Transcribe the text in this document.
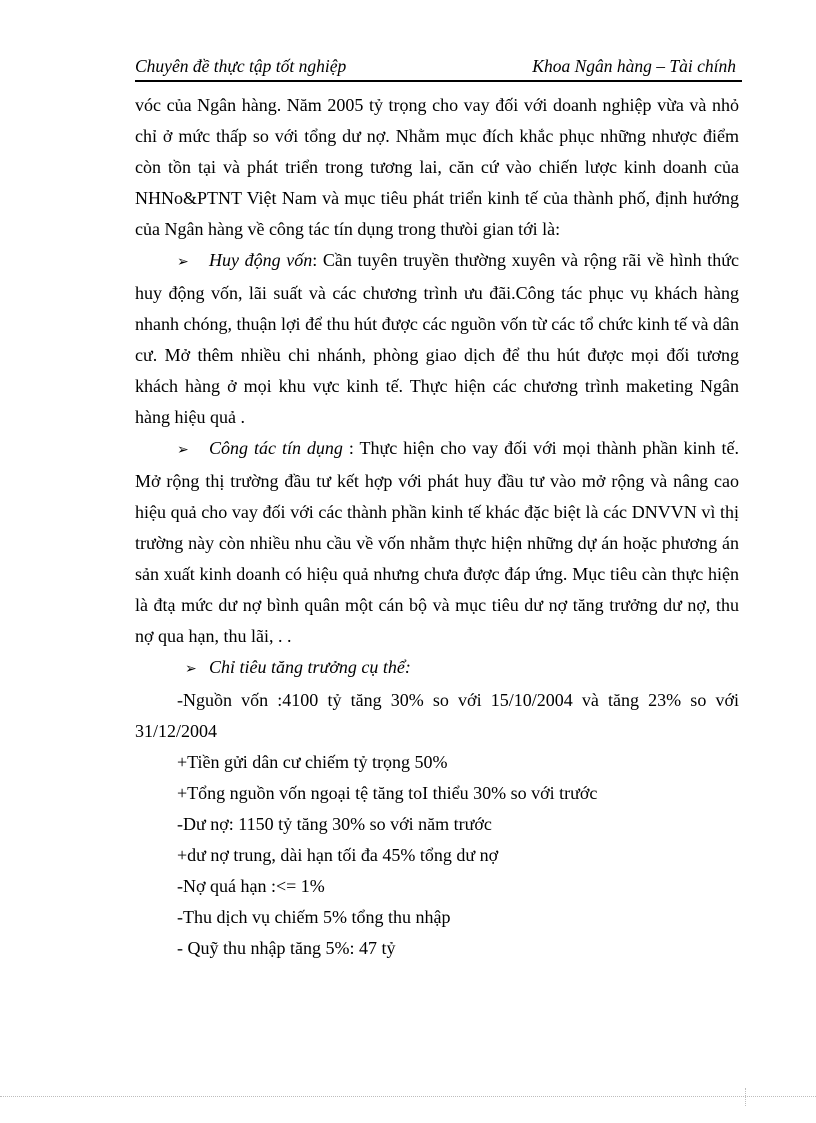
Chuyên đề thực tập tốt nghiệp	Khoa Ngân hàng – Tài chính

vóc của Ngân hàng. Năm 2005 tỷ trọng cho vay đối với doanh nghiệp vừa và nhỏ chỉ ở mức thấp so với tổng dư nợ. Nhằm mục đích khắc phục những nhược điểm còn tồn tại và phát triển trong tương lai, căn cứ vào chiến lược kinh doanh của NHNo&PTNT Việt Nam và mục tiêu phát triển kinh tế của thành phố, định hướng của Ngân hàng về công tác tín dụng trong thưòi gian tới là:

➢ Huy động vốn: Cần tuyên truyền thường xuyên và rộng rãi về hình thức huy động vốn, lãi suất và các chương trình ưu đãi.Công tác phục vụ khách hàng nhanh chóng, thuận lợi để thu hút được các nguồn vốn từ các tổ chức kinh tế và dân cư. Mở thêm nhiều chi nhánh, phòng giao dịch để thu hút được mọi đối tương khách hàng ở mọi khu vực kinh tế. Thực hiện các chương trình maketing Ngân hàng hiệu quả .

➢ Công tác tín dụng : Thực hiện cho vay đối với mọi thành phần kinh tế. Mở rộng thị trường đầu tư kết hợp với phát huy đầu tư vào mở rộng và nâng cao hiệu quả cho vay đối với các thành phần kinh tế khác đặc biệt là các DNVVN vì thị trường này còn nhiều nhu cầu về vốn nhằm thực hiện những dự án hoặc phương án sản xuất kinh doanh có hiệu quả nhưng chưa được đáp ứng. Mục tiêu càn thực hiện là đtạ mức dư nợ bình quân một cán bộ và mục tiêu dư nợ tăng trưởng dư nợ, thu nợ qua hạn, thu lãi, . .

➢ Chỉ tiêu tăng trưởng cụ thể:

-Nguồn vốn :4100 tỷ tăng 30% so với 15/10/2004 và tăng 23% so với 31/12/2004

+Tiền gửi dân cư chiếm tỷ trọng 50%

+Tổng nguồn vốn ngoại tệ tăng toI thiểu 30% so với trước

-Dư nợ: 1150 tỷ tăng 30% so với năm trước

+dư nợ trung, dài hạn tối đa 45% tổng dư nợ

-Nợ quá hạn :<= 1%

-Thu dịch vụ chiếm 5% tổng thu nhập

- Quỹ thu nhập tăng 5%: 47 tỷ
